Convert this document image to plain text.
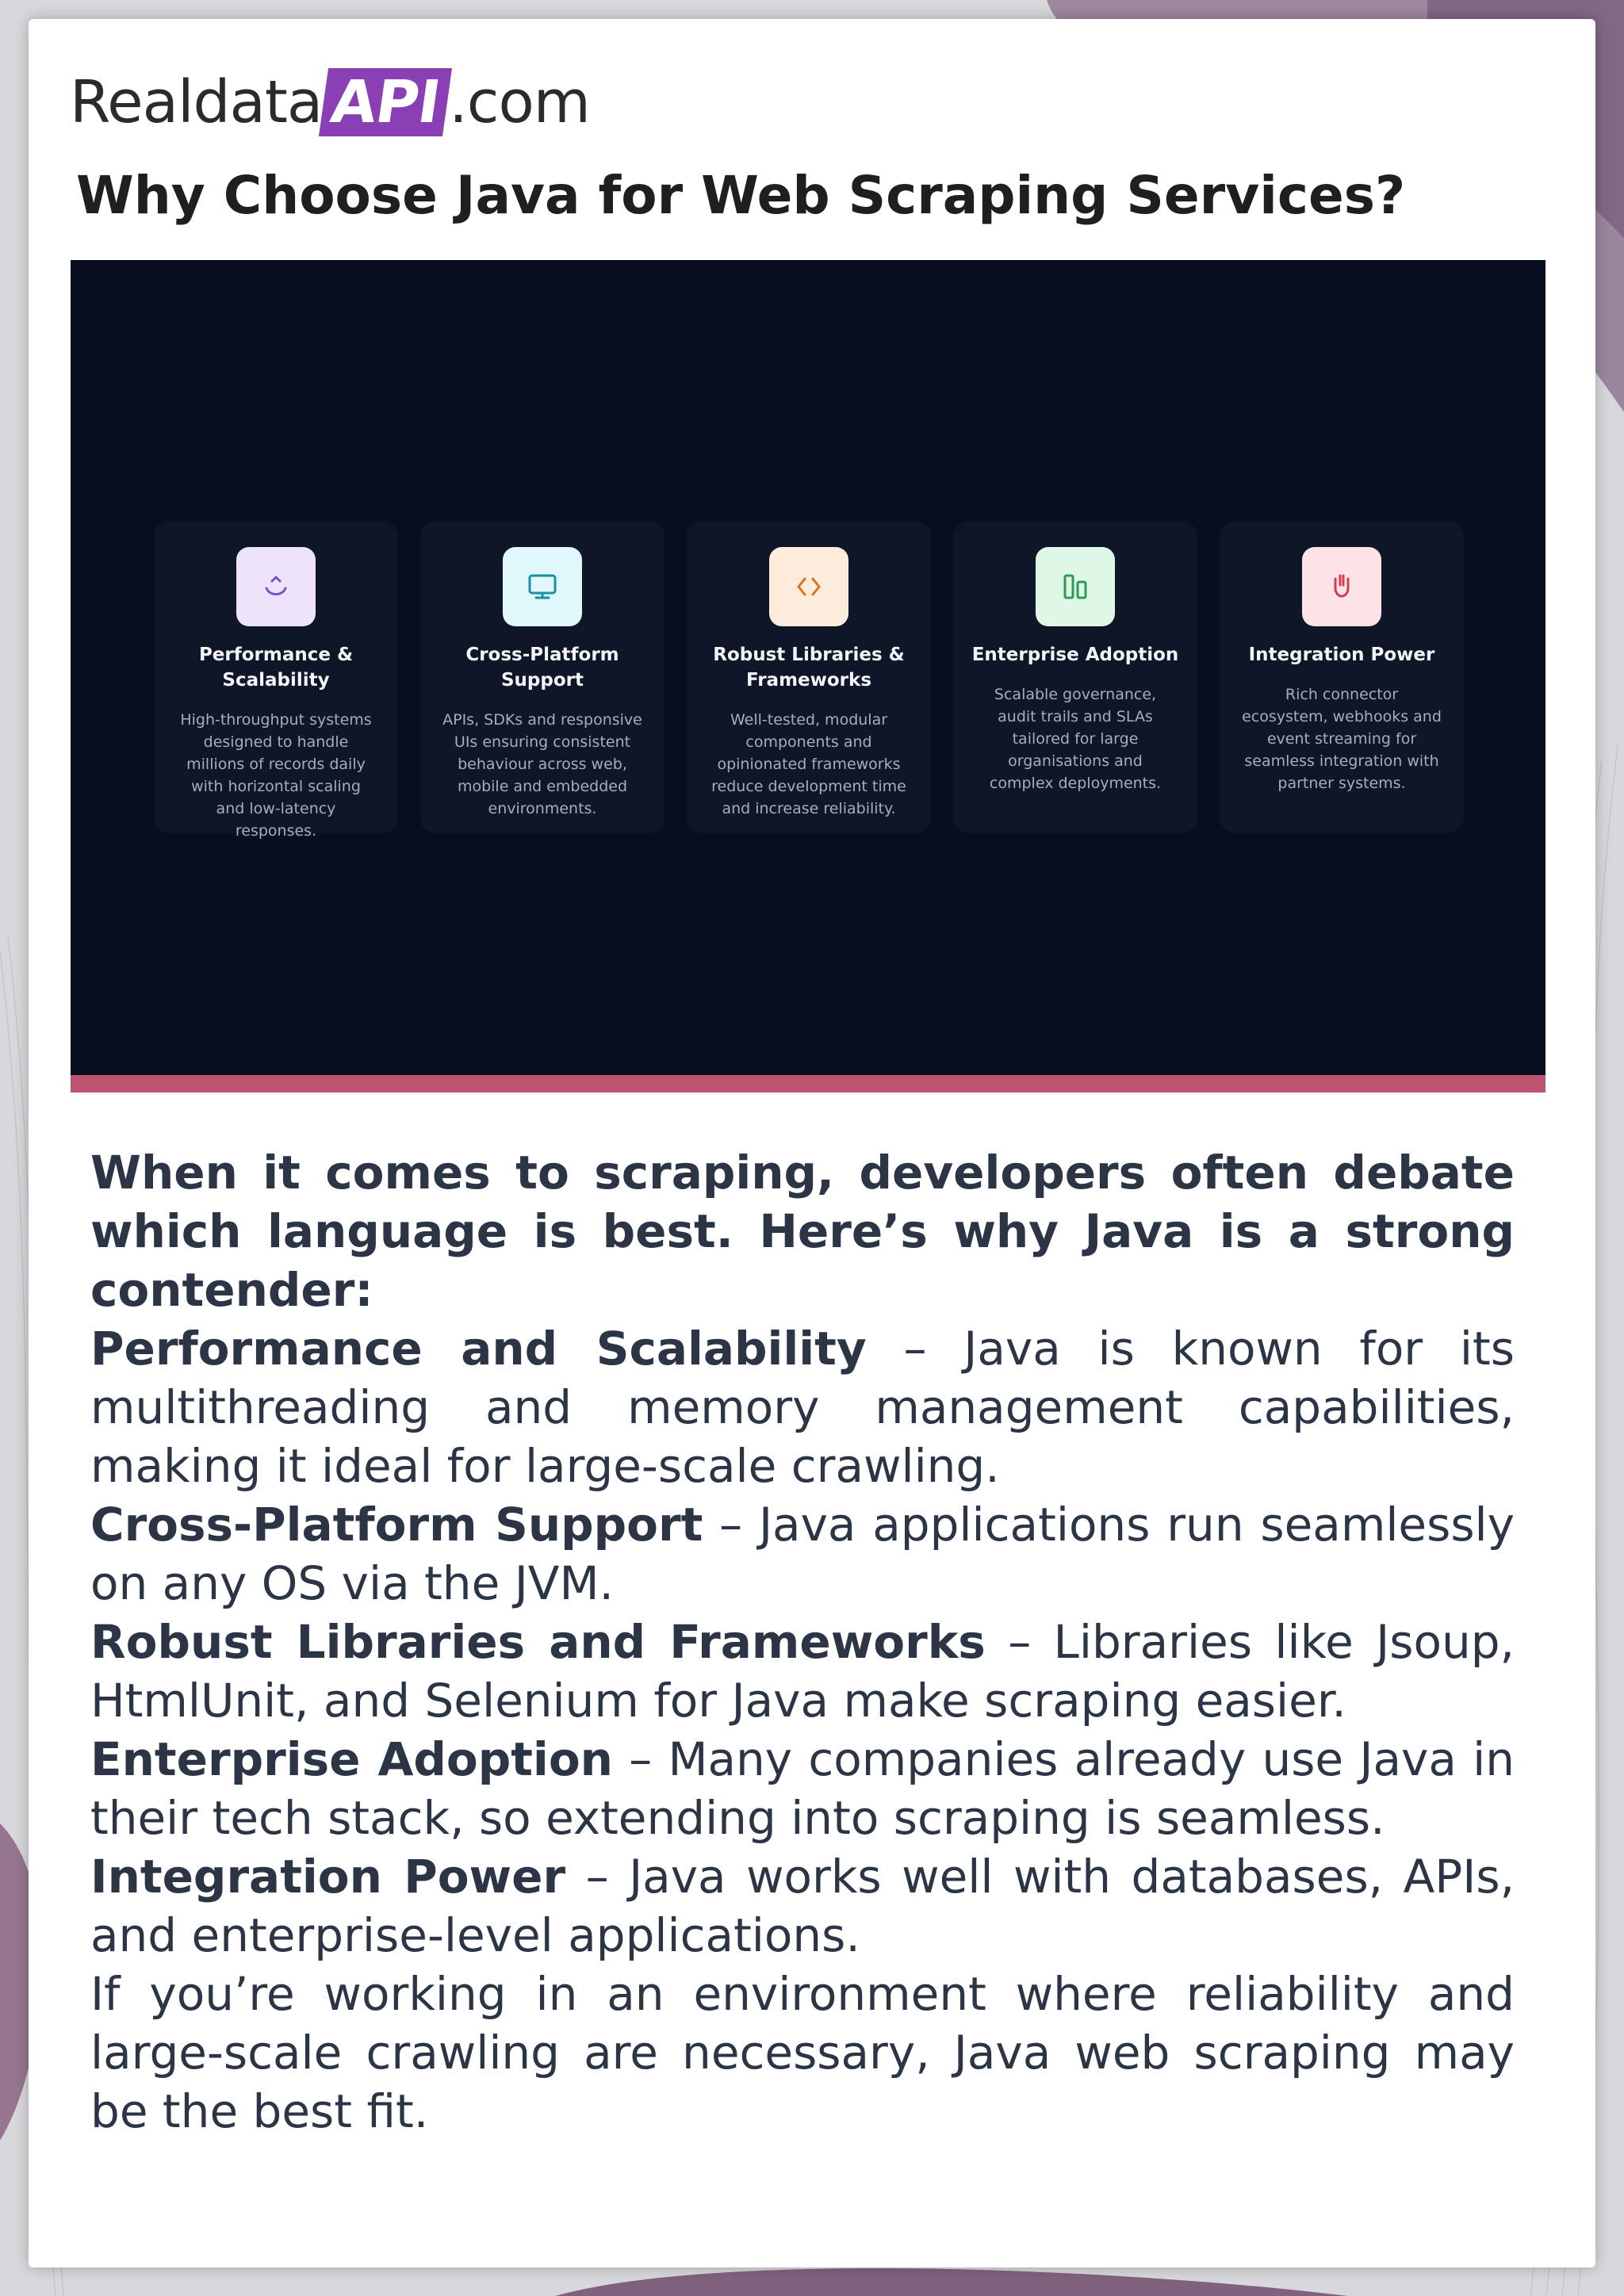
Realdata API .com
Why Choose Java for Web Scraping Services?
Performance & Scalability
High-throughput systems designed to handle millions of records daily with horizontal scaling and low-latency responses.
Cross-Platform Support
APIs, SDKs and responsive UIs ensuring consistent behaviour across web, mobile and embedded environments.
Robust Libraries & Frameworks
Well-tested, modular components and opinionated frameworks reduce development time and increase reliability.
Enterprise Adoption
Scalable governance, audit trails and SLAs tailored for large organisations and complex deployments.
Integration Power
Rich connector ecosystem, webhooks and event streaming for seamless integration with partner systems.

When it comes to scraping, developers often debate which language is best. Here’s why Java is a strong contender:

Performance and Scalability – Java is known for its multithreading and memory management capabilities, making it ideal for large-scale crawling.

Cross-Platform Support – Java applications run seamlessly on any OS via the JVM.

Robust Libraries and Frameworks – Libraries like Jsoup, HtmlUnit, and Selenium for Java make scraping easier.

Enterprise Adoption – Many companies already use Java in their tech stack, so extending into scraping is seamless.

Integration Power – Java works well with databases, APIs, and enterprise-level applications.

If you’re working in an environment where reliability and large-scale crawling are necessary, Java web scraping may be the best fit.
